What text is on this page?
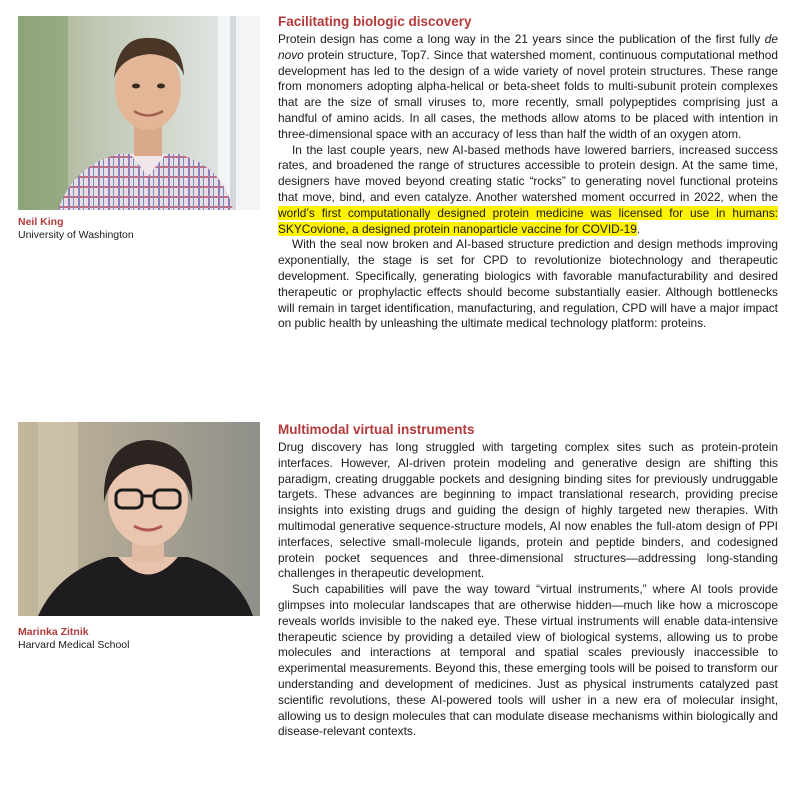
Neil King
University of Washington
Facilitating biologic discovery

Protein design has come a long way in the 21 years since the publication of the first fully de novo protein structure, Top7. Since that watershed moment, continuous computational method development has led to the design of a wide variety of novel protein structures. These range from monomers adopting alpha-helical or beta-sheet folds to multi-subunit protein complexes that are the size of small viruses to, more recently, small polypeptides comprising just a handful of amino acids. In all cases, the methods allow atoms to be placed with intention in three-dimensional space with an accuracy of less than half the width of an oxygen atom.

In the last couple years, new AI-based methods have lowered barriers, increased success rates, and broadened the range of structures accessible to protein design. At the same time, designers have moved beyond creating static “rocks” to generating novel functional proteins that move, bind, and even catalyze. Another watershed moment occurred in 2022, when the world’s first computationally designed protein medicine was licensed for use in humans: SKYCovione, a designed protein nanoparticle vaccine for COVID-19.

With the seal now broken and AI-based structure prediction and design methods improving exponentially, the stage is set for CPD to revolutionize biotechnology and therapeutic development. Specifically, generating biologics with favorable manufacturability and desired therapeutic or prophylactic effects should become substantially easier. Although bottlenecks will remain in target identification, manufacturing, and regulation, CPD will have a major impact on public health by unleashing the ultimate medical technology platform: proteins.

Marinka Zitnik
Harvard Medical School
Multimodal virtual instruments

Drug discovery has long struggled with targeting complex sites such as protein-protein interfaces. However, AI-driven protein modeling and generative design are shifting this paradigm, creating druggable pockets and designing binding sites for previously undruggable targets. These advances are beginning to impact translational research, providing precise insights into existing drugs and guiding the design of highly targeted new therapies. With multimodal generative sequence-structure models, AI now enables the full-atom design of PPI interfaces, selective small-molecule ligands, protein and peptide binders, and codesigned protein pocket sequences and three-dimensional structures—addressing long-standing challenges in therapeutic development.

Such capabilities will pave the way toward “virtual instruments,” where AI tools provide glimpses into molecular landscapes that are otherwise hidden—much like how a microscope reveals worlds invisible to the naked eye. These virtual instruments will enable data-intensive therapeutic science by providing a detailed view of biological systems, allowing us to probe molecules and interactions at temporal and spatial scales previously inaccessible to experimental measurements. Beyond this, these emerging tools will be poised to transform our understanding and development of medicines. Just as physical instruments catalyzed past scientific revolutions, these AI-powered tools will usher in a new era of molecular insight, allowing us to design molecules that can modulate disease mechanisms within biologically and disease-relevant contexts.
